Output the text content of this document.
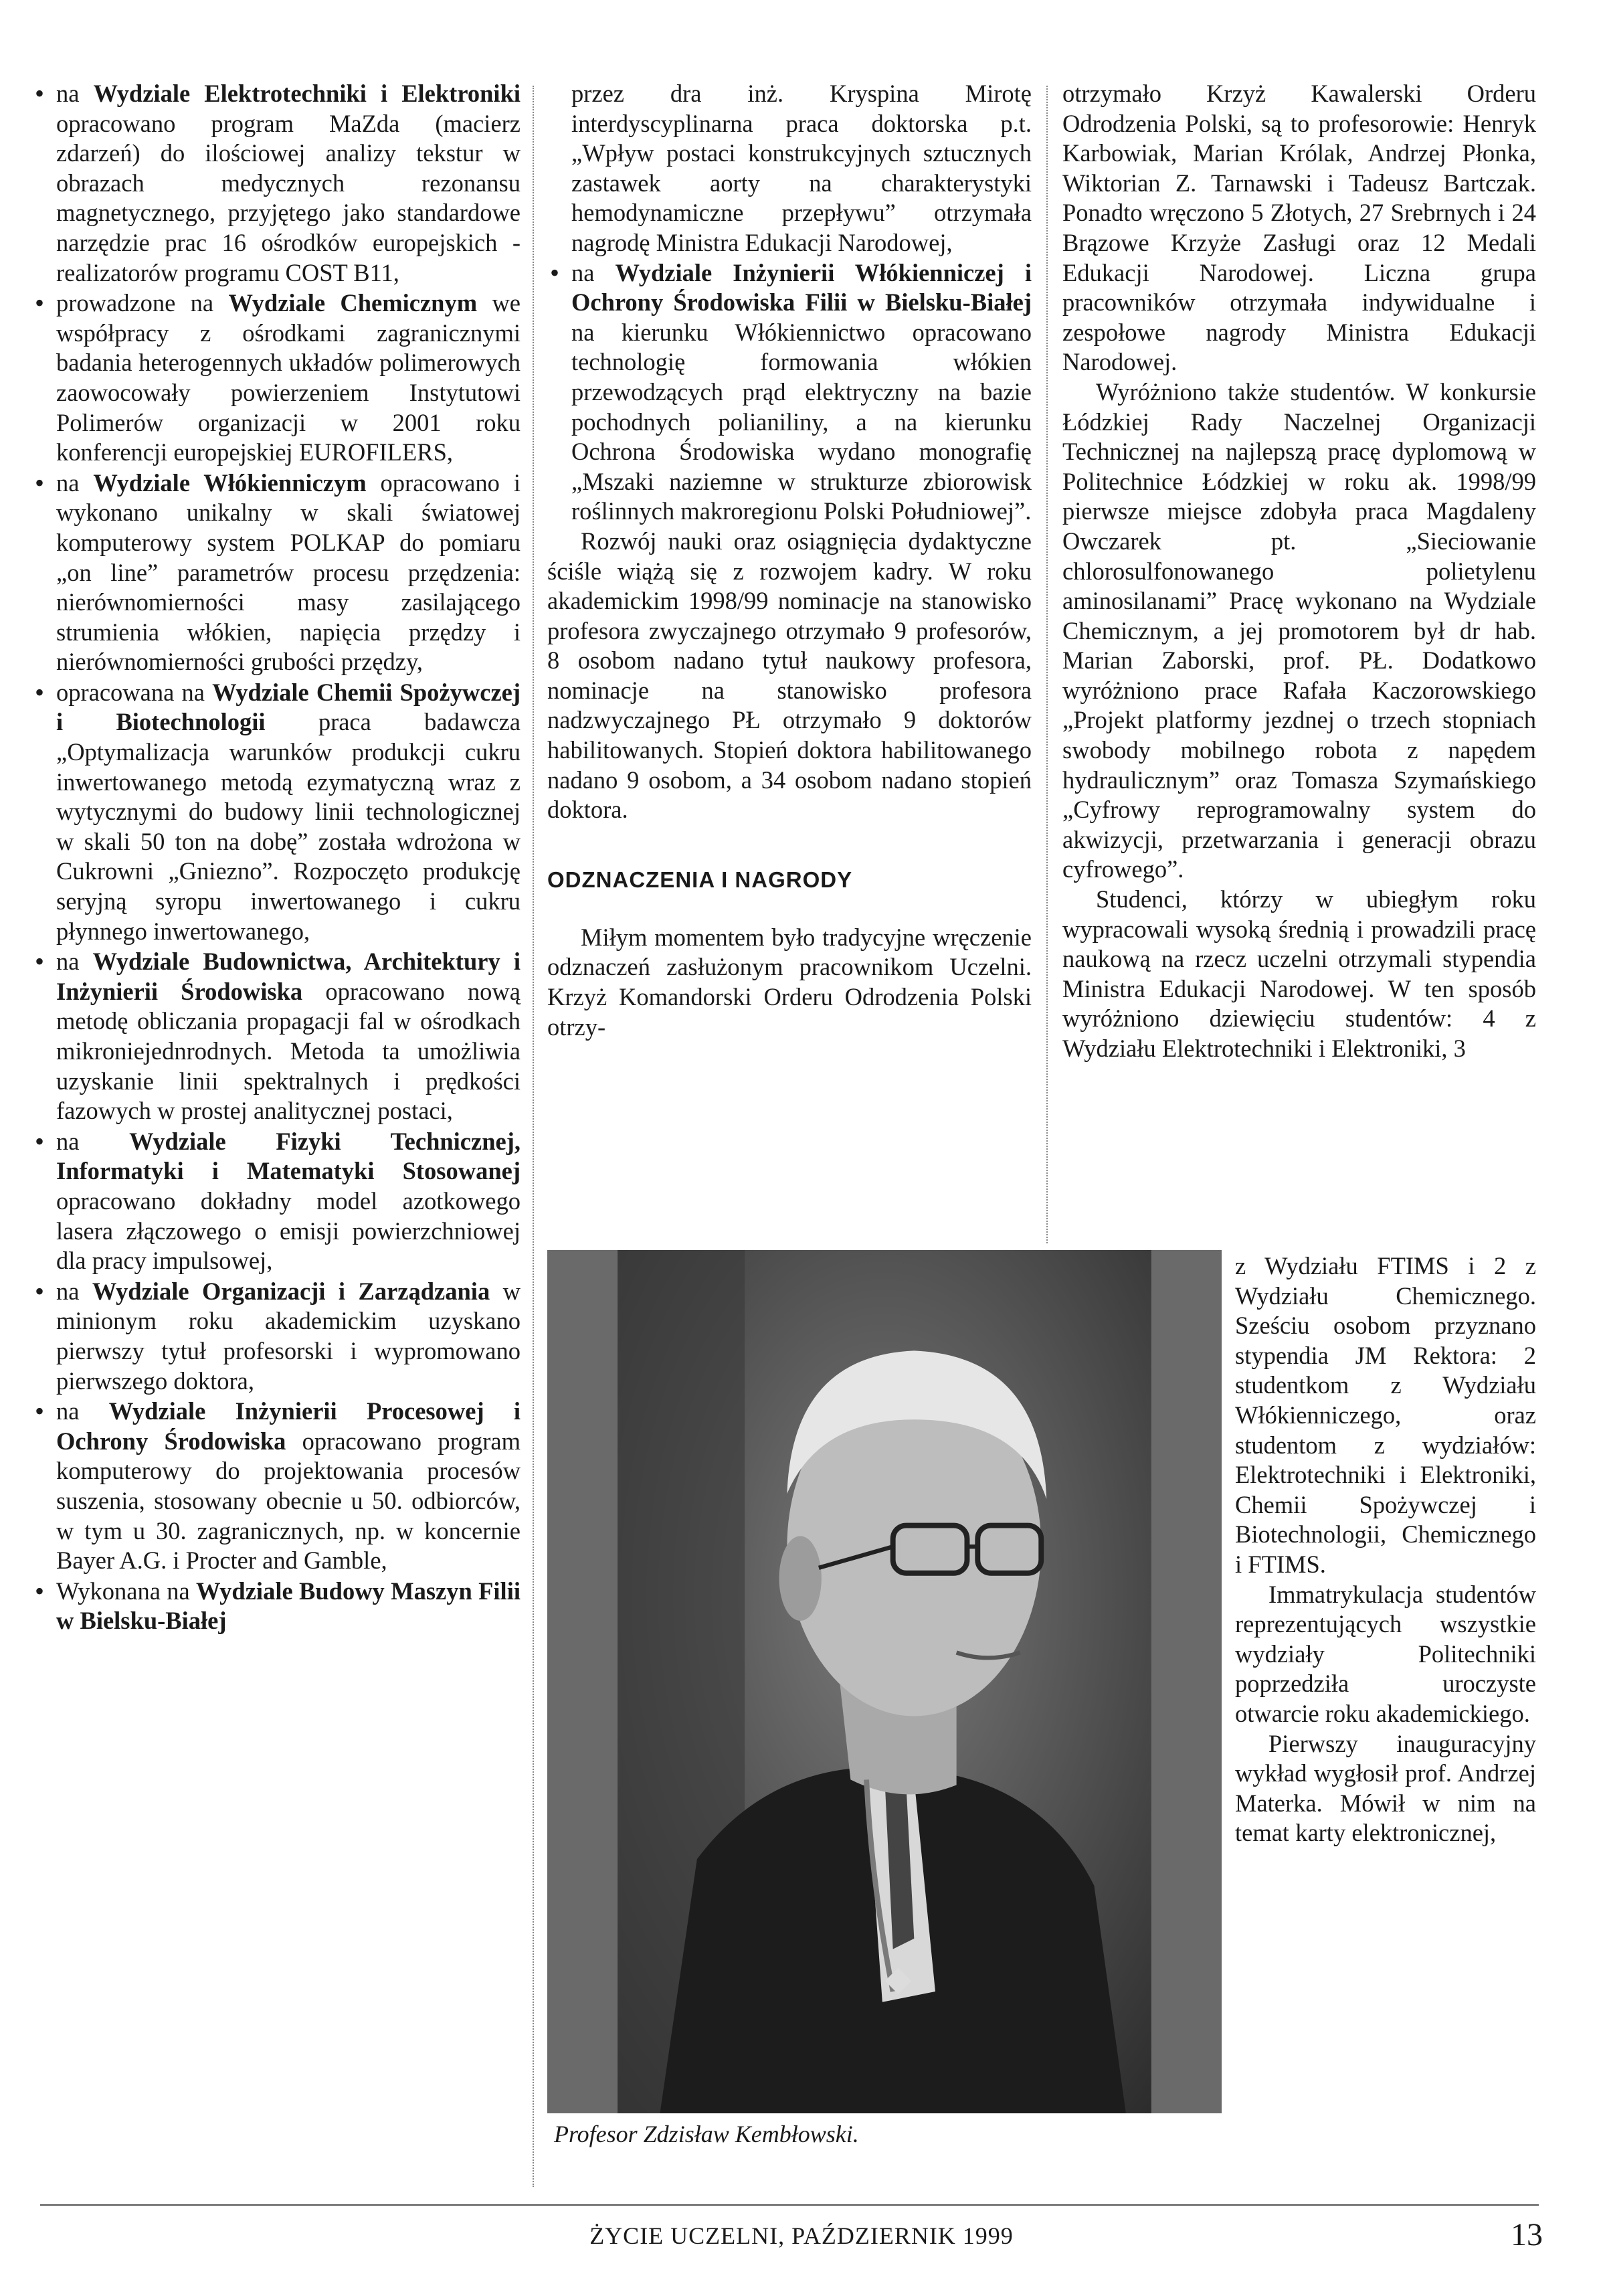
• na Wydziale Elektrotechniki i Elektroniki opracowano program MaZda (macierz zdarzeń) do ilościowej analizy tekstur w obrazach medycznych rezonansu magnetycznego, przyjętego jako standardowe narzędzie prac 16 ośrodków europejskich - realizatorów programu COST B11,
• prowadzone na Wydziale Chemicznym we współpracy z ośrodkami zagranicznymi badania heterogennych układów polimerowych zaowocowały powierzeniem Instytutowi Polimerów organizacji w 2001 roku konferencji europejskiej EUROFILERS,
• na Wydziale Włókienniczym opracowano i wykonano unikalny w skali światowej komputerowy system POLKAP do pomiaru „on line” parametrów procesu przędzenia: nierównomierności masy zasilającego strumienia włókien, napięcia przędzy i nierównomierności grubości przędzy,
• opracowana na Wydziale Chemii Spożywczej i Biotechnologii praca badawcza „Optymalizacja warunków produkcji cukru inwertowanego metodą ezymatyczną wraz z wytycznymi do budowy linii technologicznej w skali 50 ton na dobę” została wdrożona w Cukrowni „Gniezno”. Rozpoczęto produkcję seryjną syropu inwertowanego i cukru płynnego inwertowanego,
• na Wydziale Budownictwa, Architektury i Inżynierii Środowiska opracowano nową metodę obliczania propagacji fal w ośrodkach mikroniejednrodnych. Metoda ta umożliwia uzyskanie linii spektralnych i prędkości fazowych w prostej analitycznej postaci,
• na Wydziale Fizyki Technicznej, Informatyki i Matematyki Stosowanej opracowano dokładny model azotkowego lasera złączowego o emisji powierzchniowej dla pracy impulsowej,
• na Wydziale Organizacji i Zarządzania w minionym roku akademickim uzyskano pierwszy tytuł profesorski i wypromowano pierwszego doktora,
• na Wydziale Inżynierii Procesowej i Ochrony Środowiska opracowano program komputerowy do projektowania procesów suszenia, stosowany obecnie u 50. odbiorców, w tym u 30. zagranicznych, np. w koncernie Bayer A.G. i Procter and Gamble,
• Wykonana na Wydziale Budowy Maszyn Filii w Bielsku-Białej

przez dra inż. Kryspina Mirotę interdyscyplinarna praca doktorska p.t. „Wpływ postaci konstrukcyjnych sztucznych zastawek aorty na charakterystyki hemodynamiczne przepływu” otrzymała nagrodę Ministra Edukacji Narodowej,

• na Wydziale Inżynierii Włókienniczej i Ochrony Środowiska Filii w Bielsku-Białej na kierunku Włókiennictwo opracowano technologię formowania włókien przewodzących prąd elektryczny na bazie pochodnych polianiliny, a na kierunku Ochrona Środowiska wydano monografię „Mszaki naziemne w strukturze zbiorowisk roślinnych makroregionu Polski Południowej”.

Rozwój nauki oraz osiągnięcia dydaktyczne ściśle wiążą się z rozwojem kadry. W roku akademickim 1998/99 nominacje na stanowisko profesora zwyczajnego otrzymało 9 profesorów, 8 osobom nadano tytuł naukowy profesora, nominacje na stanowisko profesora nadzwyczajnego PŁ otrzymało 9 doktorów habilitowanych. Stopień doktora habilitowanego nadano 9 osobom, a 34 osobom nadano stopień doktora.

ODZNACZENIA I NAGRODY

Miłym momentem było tradycyjne wręczenie odznaczeń zasłużonym pracownikom Uczelni. Krzyż Komandorski Orderu Odrodzenia Polski otrzy-

Profesor Zdzisław Kembłowski.

otrzymało Krzyż Kawalerski Orderu Odrodzenia Polski, są to profesorowie: Henryk Karbowiak, Marian Królak, Andrzej Płonka, Wiktorian Z. Tarnawski i Tadeusz Bartczak. Ponadto wręczono 5 Złotych, 27 Srebrnych i 24 Brązowe Krzyże Zasługi oraz 12 Medali Edukacji Narodowej. Liczna grupa pracowników otrzymała indywidualne i zespołowe nagrody Ministra Edukacji Narodowej.

Wyróżniono także studentów. W konkursie Łódzkiej Rady Naczelnej Organizacji Technicznej na najlepszą pracę dyplomową w Politechnice Łódzkiej w roku ak. 1998/99 pierwsze miejsce zdobyła praca Magdaleny Owczarek pt. „Sieciowanie chlorosulfonowanego polietylenu aminosilanami” Pracę wykonano na Wydziale Chemicznym, a jej promotorem był dr hab. Marian Zaborski, prof. PŁ. Dodatkowo wyróżniono prace Rafała Kaczorowskiego „Projekt platformy jezdnej o trzech stopniach swobody mobilnego robota z napędem hydraulicznym” oraz Tomasza Szymańskiego „Cyfrowy reprogramowalny system do akwizycji, przetwarzania i generacji obrazu cyfrowego”.

Studenci, którzy w ubiegłym roku wypracowali wysoką średnią i prowadzili pracę naukową na rzecz uczelni otrzymali stypendia Ministra Edukacji Narodowej. W ten sposób wyróżniono dziewięciu studentów: 4 z Wydziału Elektrotechniki i Elektroniki, 3

z Wydziału FTIMS i 2 z Wydziału Chemicznego. Sześciu osobom przyznano stypendia JM Rektora: 2 studentkom z Wydziału Włókienniczego, oraz studentom z wydziałów: Elektrotechniki i Elektroniki, Chemii Spożywczej i Biotechnologii, Chemicznego i FTIMS.

Immatrykulacja studentów reprezentujących wszystkie wydziały Politechniki poprzedziła uroczyste otwarcie roku akademickiego.

Pierwszy inauguracyjny wykład wygłosił prof. Andrzej Materka. Mówił w nim na temat karty elektronicznej,

ŻYCIE UCZELNI, PAŹDZIERNIK 1999	13
